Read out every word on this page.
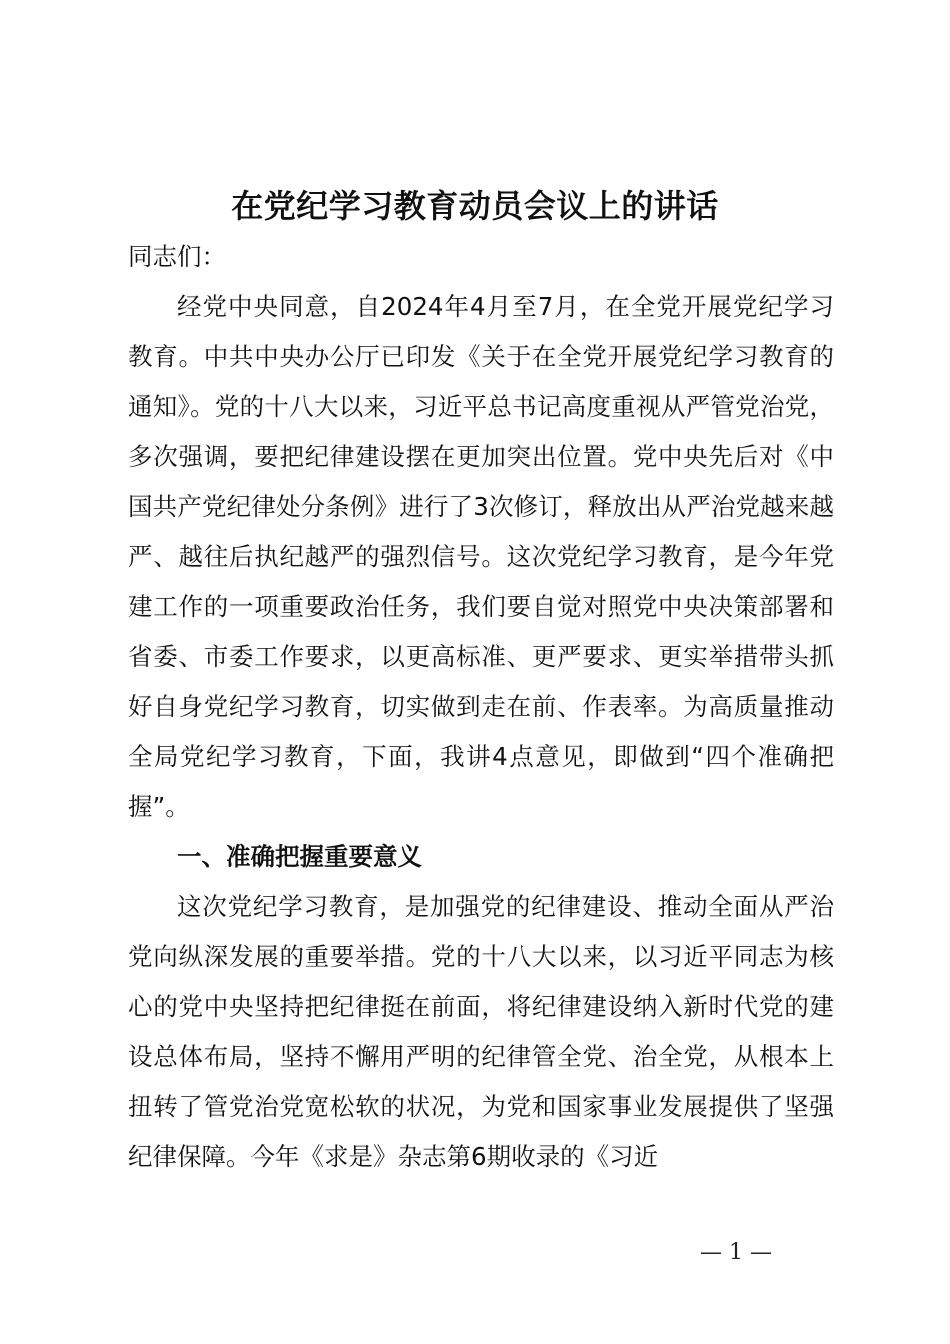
在党纪学习教育动员会议上的讲话

同志们：

经党中央同意，自2024年4月至7月，在全党开展党纪学习教育。中共中央办公厅已印发《关于在全党开展党纪学习教育的通知》。党的十八大以来，习近平总书记高度重视从严管党治党，多次强调，要把纪律建设摆在更加突出位置。党中央先后对《中国共产党纪律处分条例》进行了3次修订，释放出从严治党越来越严、越往后执纪越严的强烈信号。这次党纪学习教育，是今年党建工作的一项重要政治任务，我们要自觉对照党中央决策部署和省委、市委工作要求，以更高标准、更严要求、更实举措带头抓好自身党纪学习教育，切实做到走在前、作表率。为高质量推动全局党纪学习教育，下面，我讲4点意见，即做到“四个准确把握”。

一、准确把握重要意义

这次党纪学习教育，是加强党的纪律建设、推动全面从严治党向纵深发展的重要举措。党的十八大以来，以习近平同志为核心的党中央坚持把纪律挺在前面，将纪律建设纳入新时代党的建设总体布局，坚持不懈用严明的纪律管全党、治全党，从根本上扭转了管党治党宽松软的状况，为党和国家事业发展提供了坚强纪律保障。今年《求是》杂志第6期收录的《习近

— 1 —
